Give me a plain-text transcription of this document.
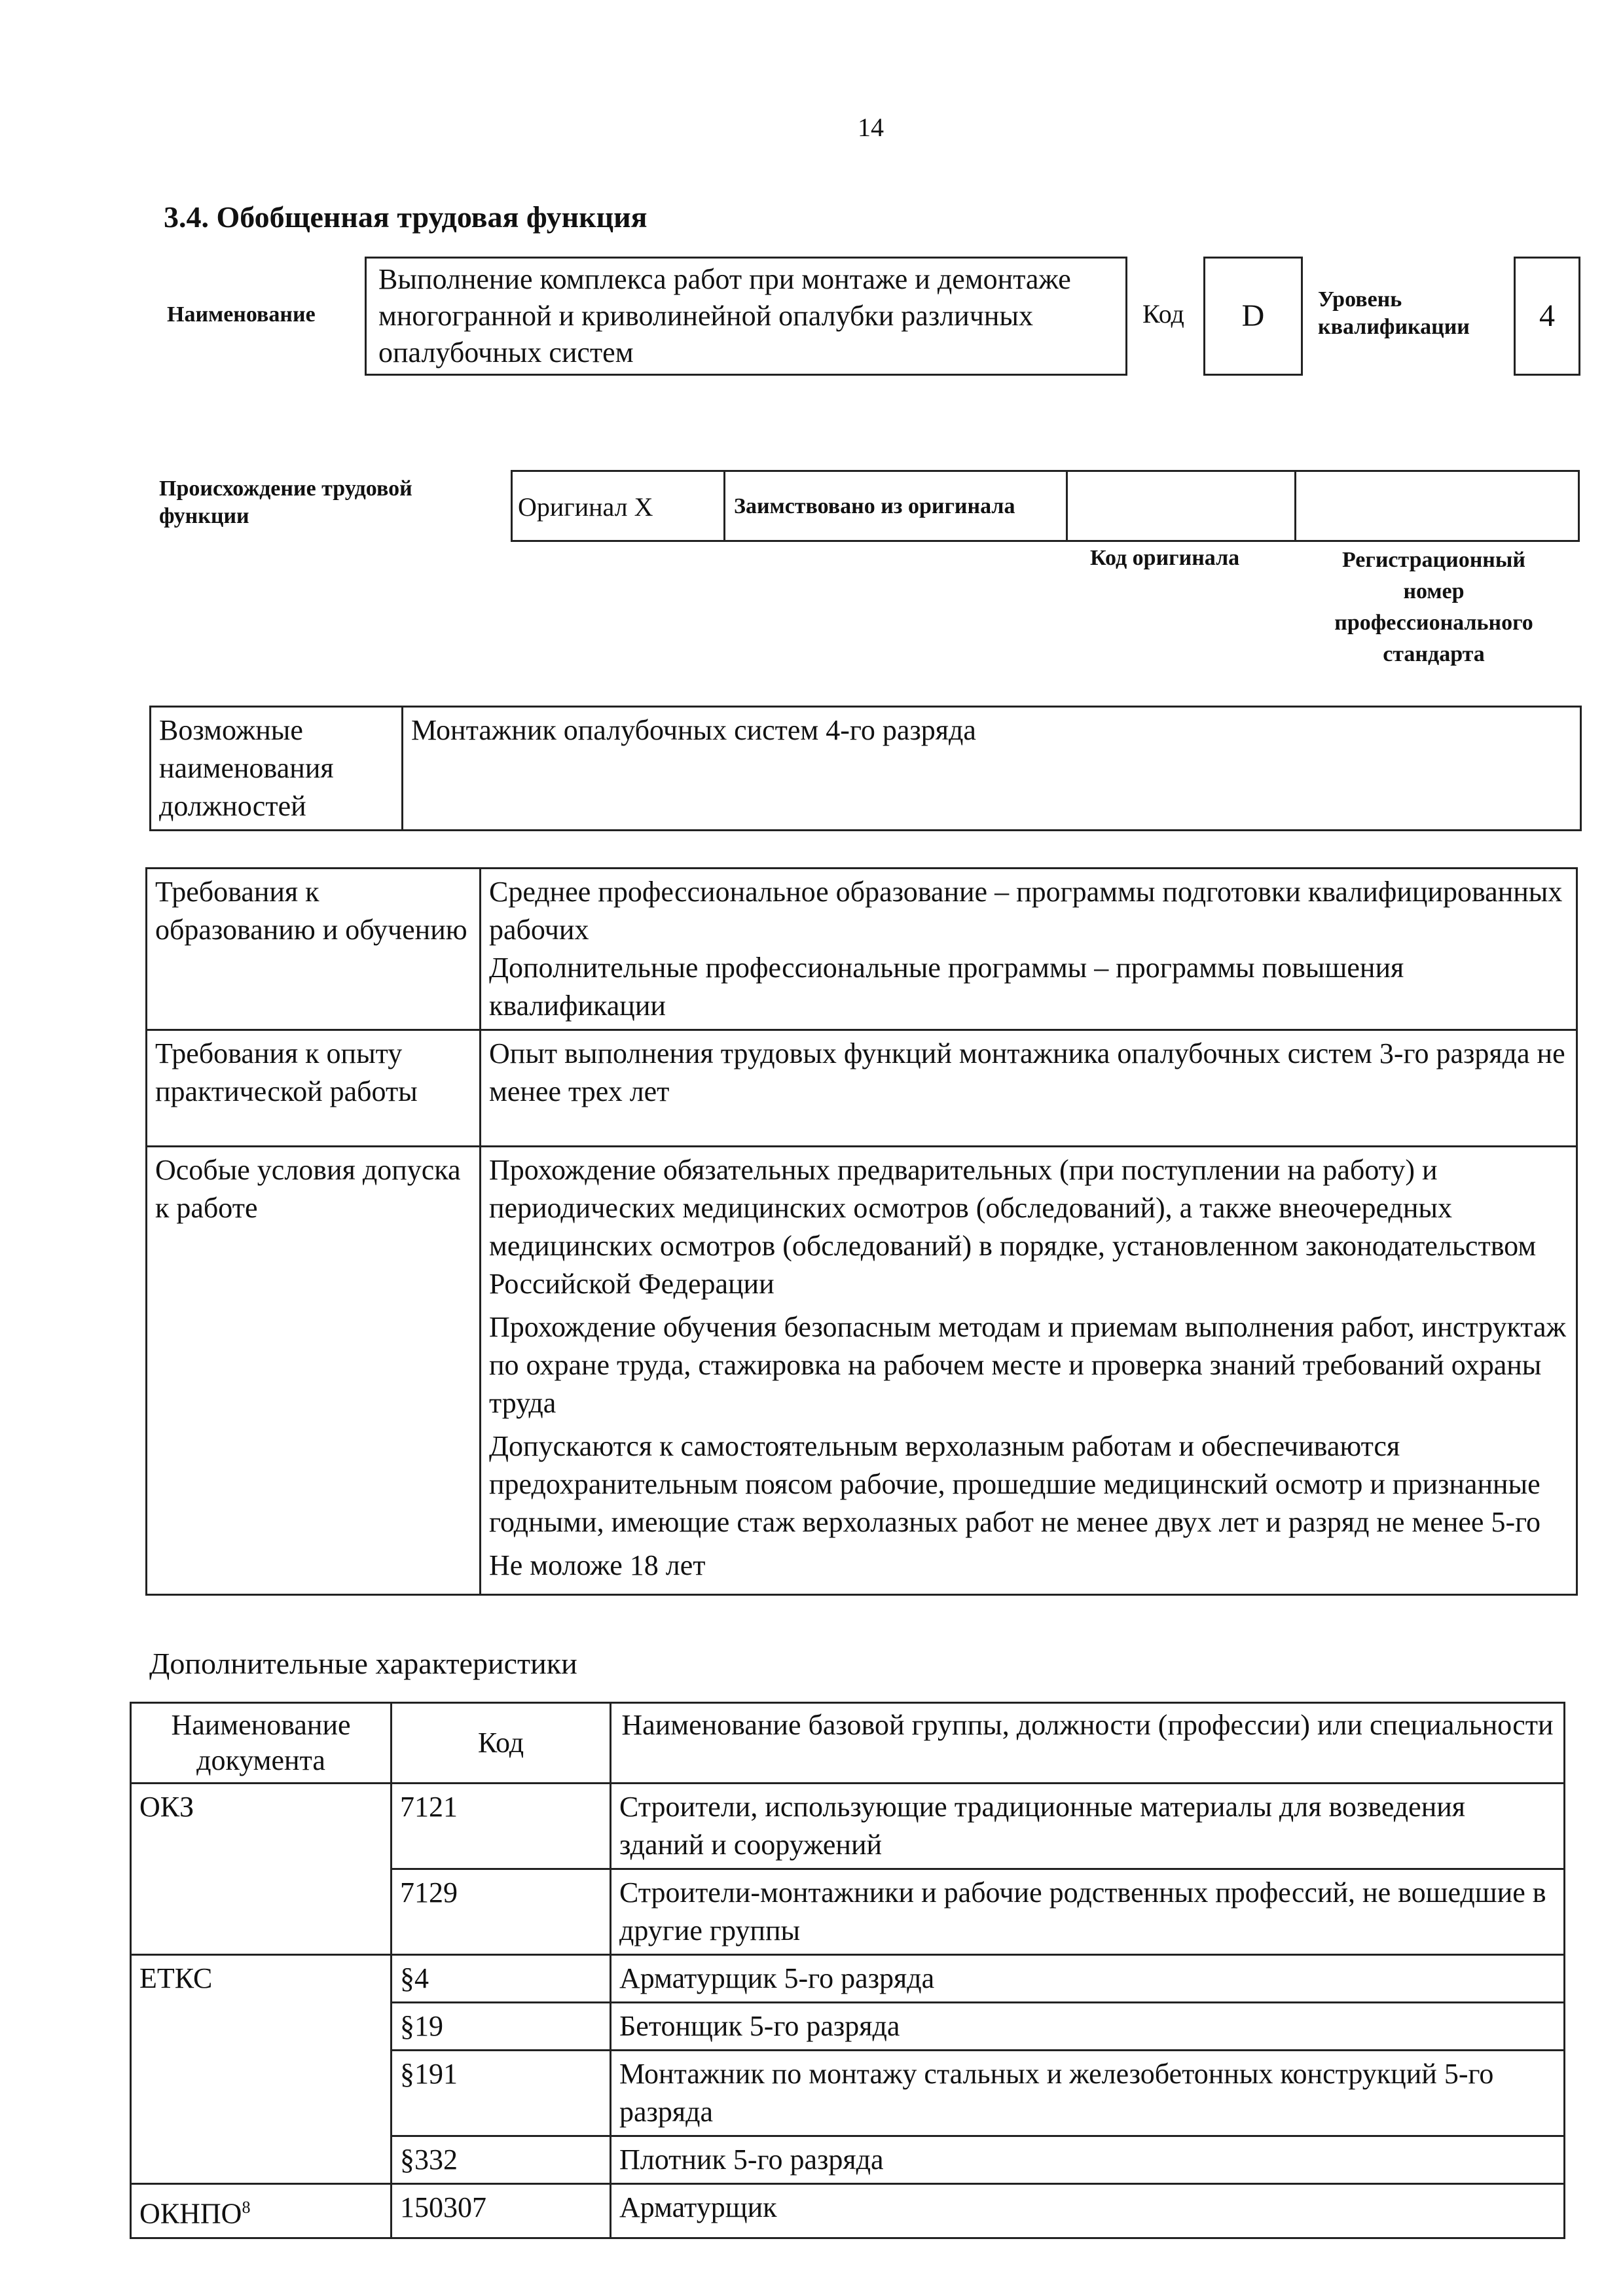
14
3.4. Обобщенная трудовая функция
Наименование
Выполнение комплекса работ при монтаже и демонтаже многогранной и криволинейной опалубки различных опалубочных систем
Код	D	Уровень квалификации	4
Происхождение трудовой функции	Оригинал X	Заимствовано из оригинала
Код оригинала	Регистрационный номер профессионального стандарта
Возможные наименования должностей	Монтажник опалубочных систем 4-го разряда
Требования к образованию и обучению	Среднее профессиональное образование – программы подготовки квалифицированных рабочих
Дополнительные профессиональные программы – программы повышения квалификации

Требования к опыту практической работы	Опыт выполнения трудовых функций монтажника опалубочных систем 3-го разряда не менее трех лет

Особые условия допуска к работе	Прохождение обязательных предварительных (при поступлении на работу) и периодических медицинских осмотров (обследований), а также внеочередных медицинских осмотров (обследований) в порядке, установленном законодательством Российской Федерации
Прохождение обучения безопасным методам и приемам выполнения работ, инструктаж по охране труда, стажировка на рабочем месте и проверка знаний требований охраны труда
Допускаются к самостоятельным верхолазным работам и обеспечиваются предохранительным поясом рабочие, прошедшие медицинский осмотр и признанные годными, имеющие стаж верхолазных работ не менее двух лет и разряд не менее 5-го
Не моложе 18 лет
Дополнительные характеристики
Наименование документа	Код	Наименование базовой группы, должности (профессии) или специальности
ОКЗ	7121	Строители, использующие традиционные материалы для возведения зданий и сооружений
	7129	Строители-монтажники и рабочие родственных профессий, не вошедшие в другие группы
ЕТКС	§4	Арматурщик 5-го разряда
	§19	Бетонщик 5-го разряда
	§191	Монтажник по монтажу стальных и железобетонных конструкций 5-го разряда
	§332	Плотник 5-го разряда
ОКНПО$^8$	150307	Арматурщик
